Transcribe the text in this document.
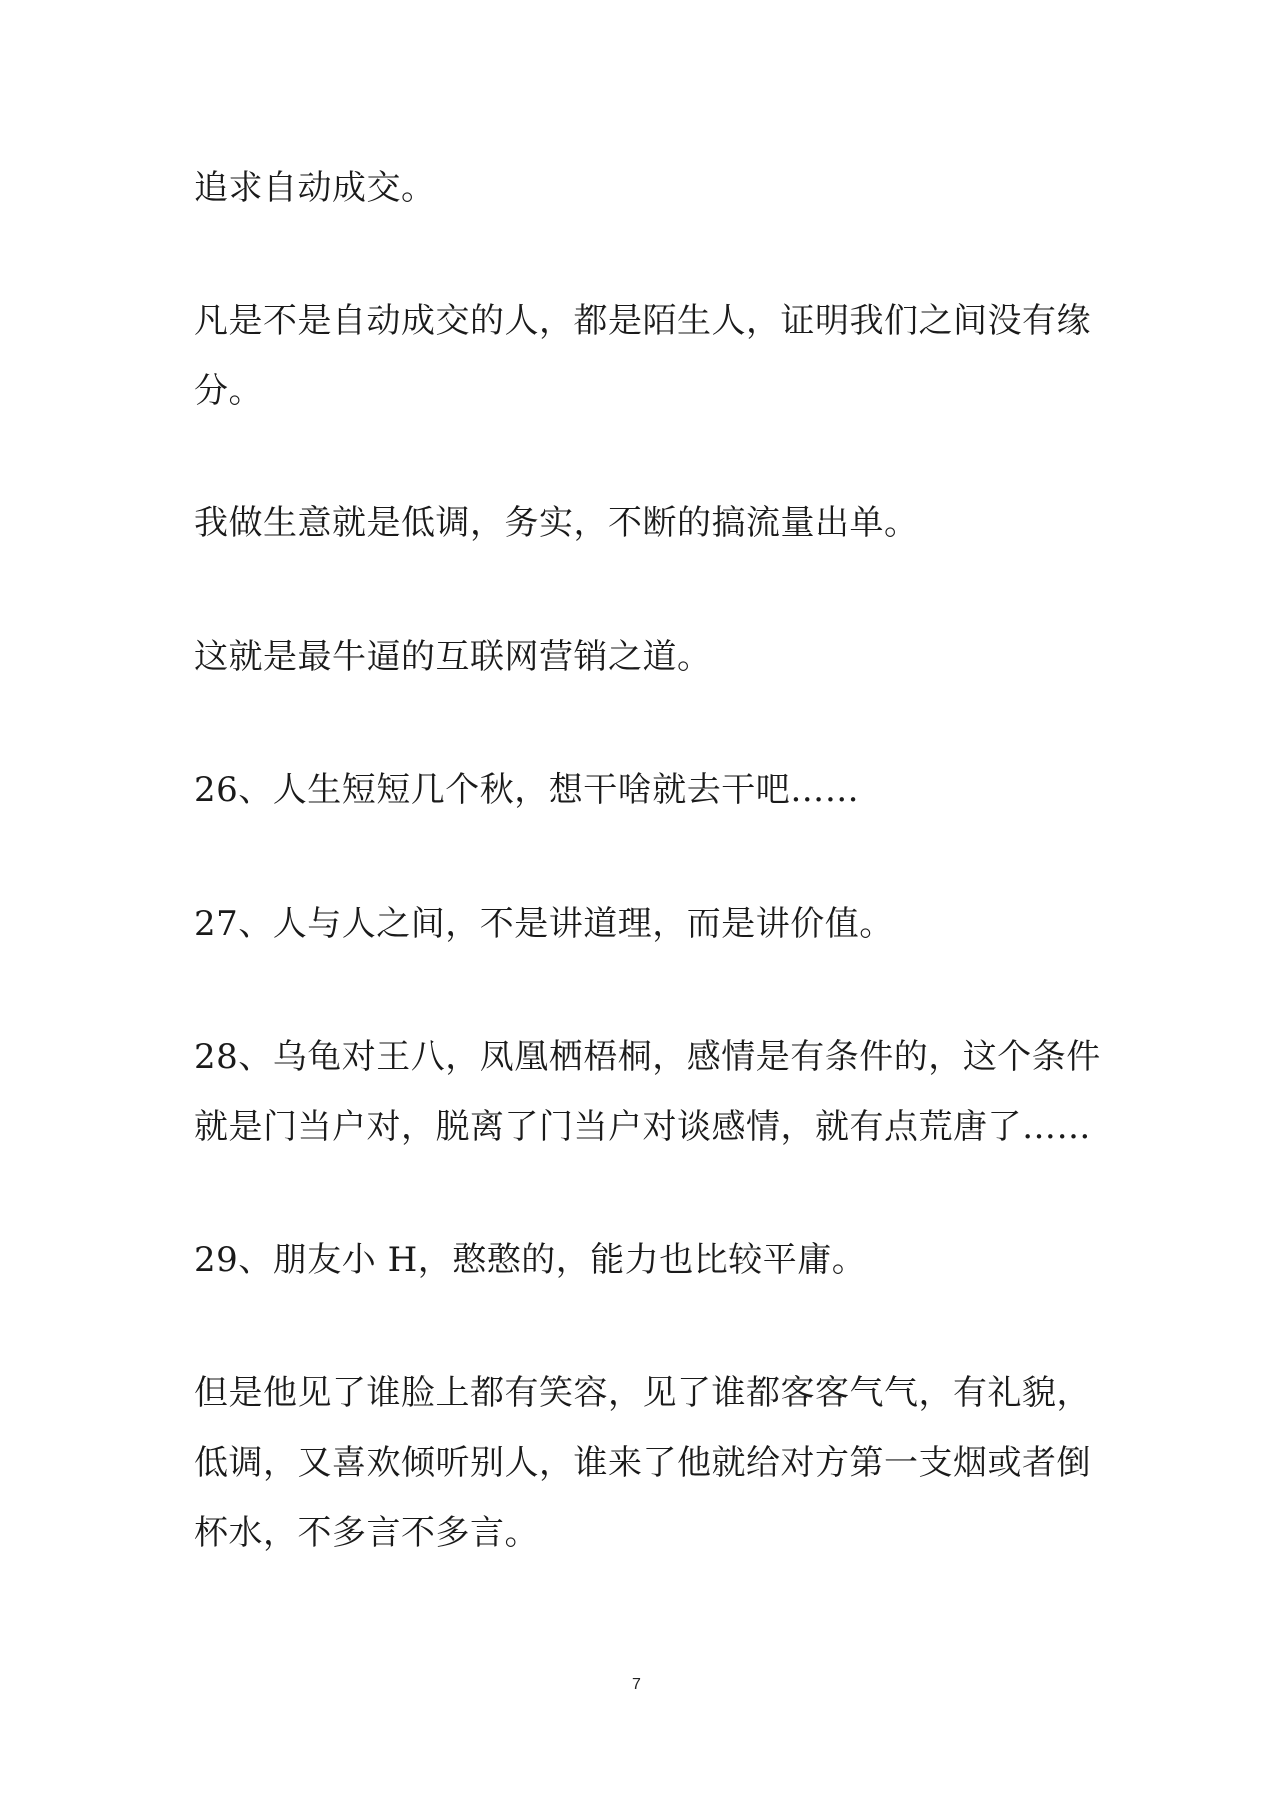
追求自动成交。

凡是不是自动成交的人，都是陌生人，证明我们之间没有缘
分。

我做生意就是低调，务实，不断的搞流量出单。

这就是最牛逼的互联网营销之道。

26、人生短短几个秋，想干啥就去干吧……

27、人与人之间，不是讲道理，而是讲价值。

28、乌龟对王八，凤凰栖梧桐，感情是有条件的，这个条件
就是门当户对，脱离了门当户对谈感情，就有点荒唐了……

29、朋友小 H，憨憨的，能力也比较平庸。

但是他见了谁脸上都有笑容，见了谁都客客气气，有礼貌，
低调，又喜欢倾听别人，谁来了他就给对方第一支烟或者倒
杯水，不多言不多言。

7
